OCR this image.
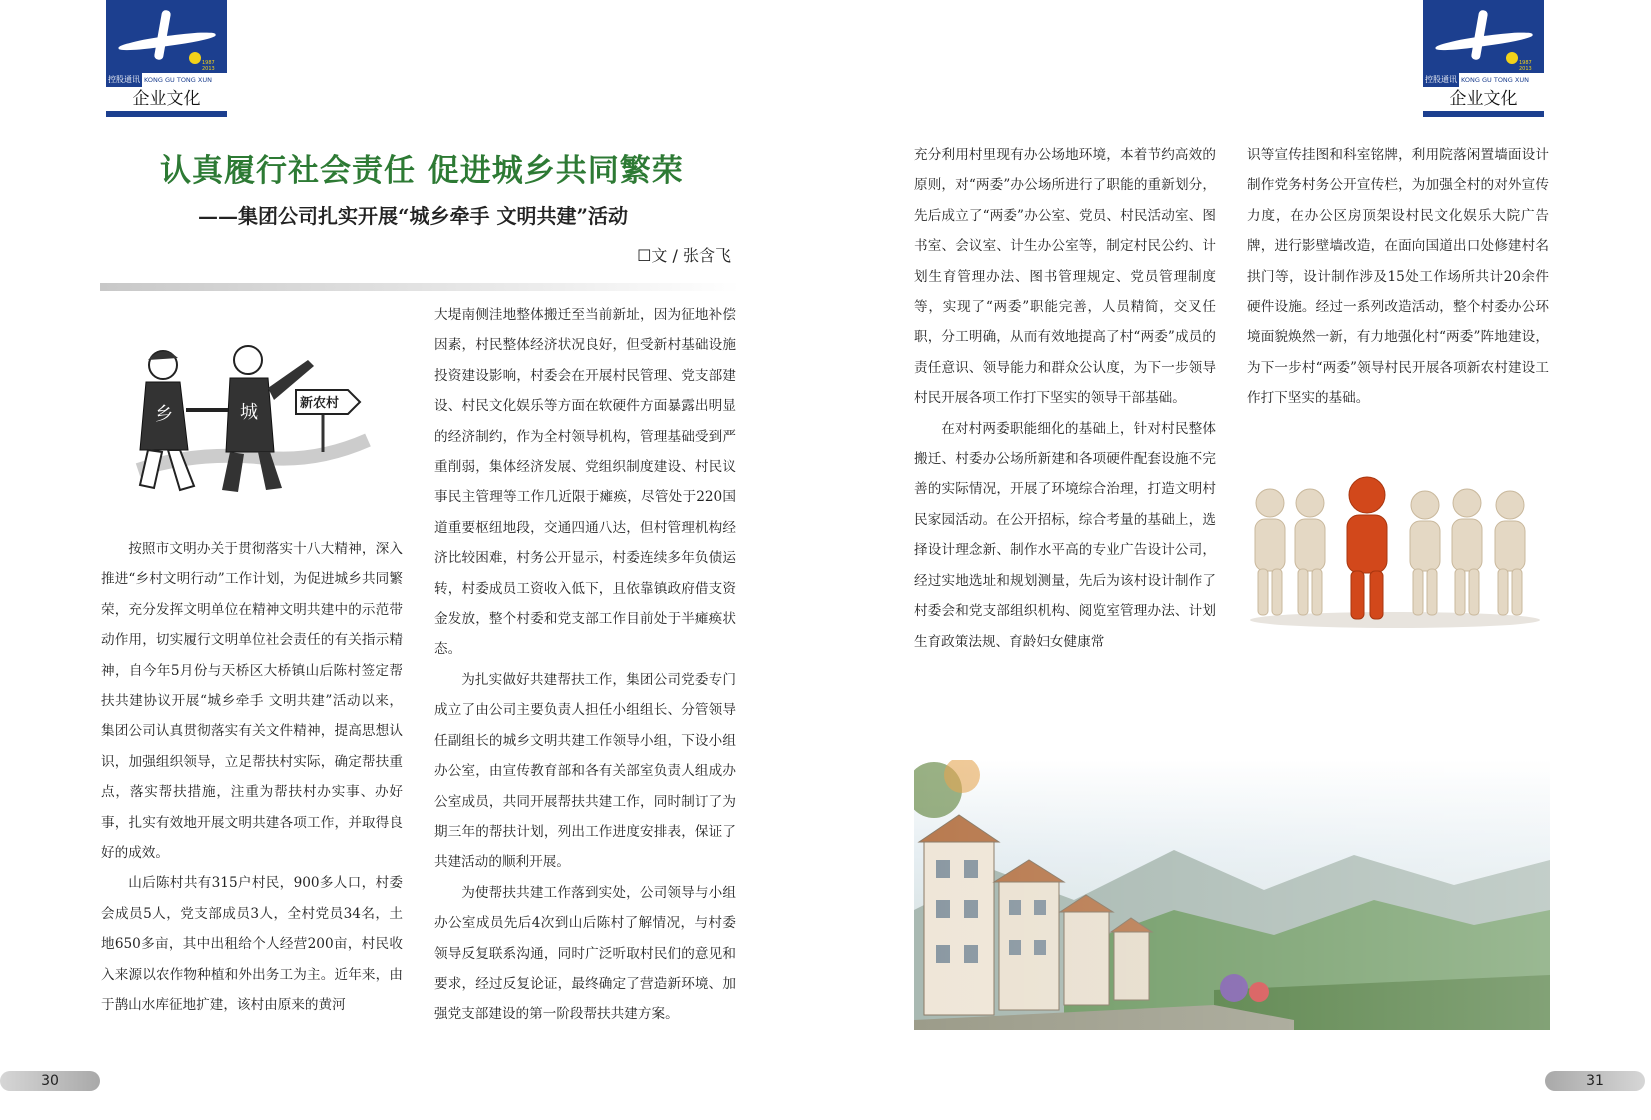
1987 2013
控股通讯 KONG GU TONG XUN
企业文化
1987 2013
控股通讯 KONG GU TONG XUN
企业文化
认真履行社会责任 促进城乡共同繁荣
——集团公司扎实开展“城乡牵手 文明共建”活动
☐文 / 张含飞
乡	城	新农村

按照市文明办关于贯彻落实十八大精神，深入推进“乡村文明行动”工作计划，为促进城乡共同繁荣，充分发挥文明单位在精神文明共建中的示范带动作用，切实履行文明单位社会责任的有关指示精神，自今年5月份与天桥区大桥镇山后陈村签定帮扶共建协议开展“城乡牵手 文明共建”活动以来，集团公司认真贯彻落实有关文件精神，提高思想认识，加强组织领导，立足帮扶村实际，确定帮扶重点，落实帮扶措施，注重为帮扶村办实事、办好事，扎实有效地开展文明共建各项工作，并取得良好的成效。

山后陈村共有315户村民，900多人口，村委会成员5人，党支部成员3人，全村党员34名，土地650多亩，其中出租给个人经营200亩，村民收入来源以农作物种植和外出务工为主。近年来，由于鹊山水库征地扩建，该村由原来的黄河

大堤南侧洼地整体搬迁至当前新址，因为征地补偿因素，村民整体经济状况良好，但受新村基础设施投资建设影响，村委会在开展村民管理、党支部建设、村民文化娱乐等方面在软硬件方面暴露出明显的经济制约，作为全村领导机构，管理基础受到严重削弱，集体经济发展、党组织制度建设、村民议事民主管理等工作几近限于瘫痪，尽管处于220国道重要枢纽地段，交通四通八达，但村管理机构经济比较困难，村务公开显示，村委连续多年负债运转，村委成员工资收入低下，且依靠镇政府借支资金发放，整个村委和党支部工作目前处于半瘫痪状态。

为扎实做好共建帮扶工作，集团公司党委专门成立了由公司主要负责人担任小组组长、分管领导任副组长的城乡文明共建工作领导小组，下设小组办公室，由宣传教育部和各有关部室负责人组成办公室成员，共同开展帮扶共建工作，同时制订了为期三年的帮扶计划，列出工作进度安排表，保证了共建活动的顺利开展。

为使帮扶共建工作落到实处，公司领导与小组办公室成员先后4次到山后陈村了解情况，与村委领导反复联系沟通，同时广泛听取村民们的意见和要求，经过反复论证，最终确定了营造新环境、加强党支部建设的第一阶段帮扶共建方案。

充分利用村里现有办公场地环境，本着节约高效的原则，对“两委”办公场所进行了职能的重新划分，先后成立了“两委”办公室、党员、村民活动室、图书室、会议室、计生办公室等，制定村民公约、计划生育管理办法、图书管理规定、党员管理制度等，实现了“两委”职能完善，人员精简，交叉任职，分工明确，从而有效地提高了村“两委”成员的责任意识、领导能力和群众公认度，为下一步领导村民开展各项工作打下坚实的领导干部基础。

在对村两委职能细化的基础上，针对村民整体搬迁、村委办公场所新建和各项硬件配套设施不完善的实际情况，开展了环境综合治理，打造文明村民家园活动。在公开招标，综合考量的基础上，选择设计理念新、制作水平高的专业广告设计公司，经过实地选址和规划测量，先后为该村设计制作了村委会和党支部组织机构、阅览室管理办法、计划生育政策法规、育龄妇女健康常

识等宣传挂图和科室铭牌，利用院落闲置墙面设计制作党务村务公开宣传栏，为加强全村的对外宣传力度，在办公区房顶架设村民文化娱乐大院广告牌，进行影壁墙改造，在面向国道出口处修建村名拱门等，设计制作涉及15处工作场所共计20余件硬件设施。经过一系列改造活动，整个村委办公环境面貌焕然一新，有力地强化村“两委”阵地建设，为下一步村“两委”领导村民开展各项新农村建设工作打下坚实的基础。

30	31
